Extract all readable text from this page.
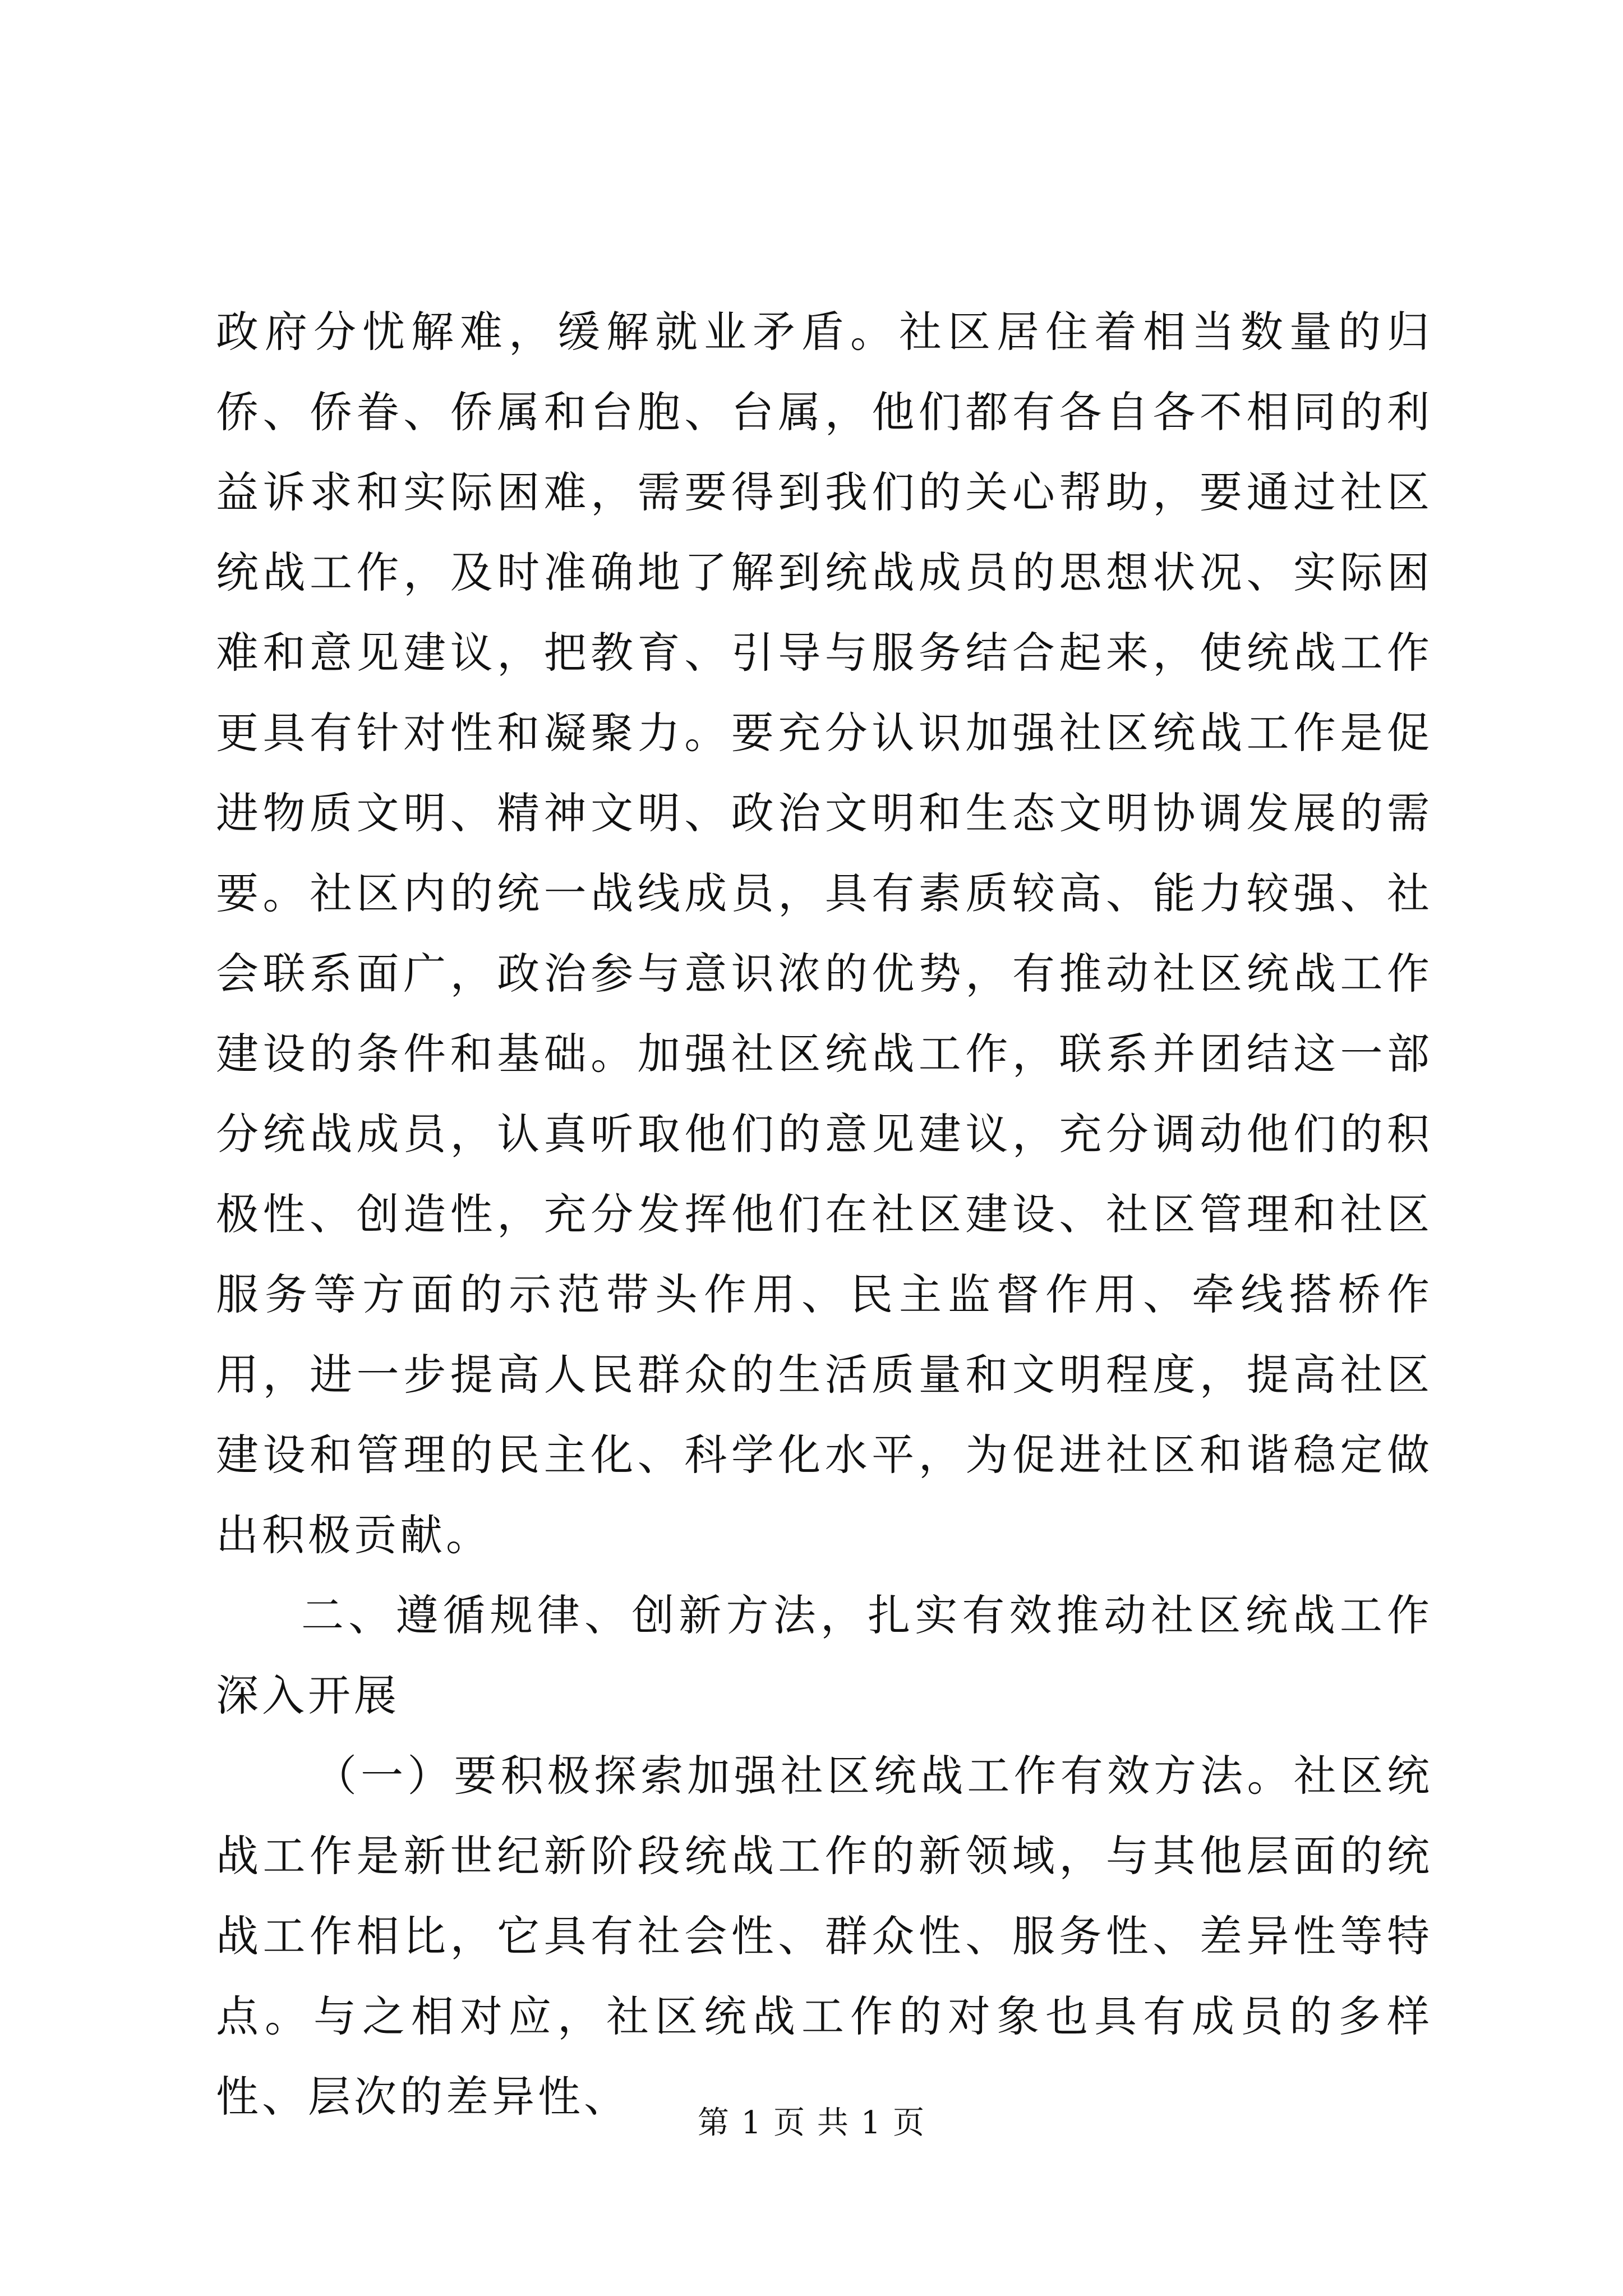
政府分忧解难，缓解就业矛盾。社区居住着相当数量的归侨、侨眷、侨属和台胞、台属，他们都有各自各不相同的利益诉求和实际困难，需要得到我们的关心帮助，要通过社区统战工作，及时准确地了解到统战成员的思想状况、实际困难和意见建议，把教育、引导与服务结合起来，使统战工作更具有针对性和凝聚力。要充分认识加强社区统战工作是促进物质文明、精神文明、政治文明和生态文明协调发展的需要。社区内的统一战线成员，具有素质较高、能力较强、社会联系面广，政治参与意识浓的优势，有推动社区统战工作建设的条件和基础。加强社区统战工作，联系并团结这一部分统战成员，认真听取他们的意见建议，充分调动他们的积极性、创造性，充分发挥他们在社区建设、社区管理和社区服务等方面的示范带头作用、民主监督作用、牵线搭桥作用，进一步提高人民群众的生活质量和文明程度，提高社区建设和管理的民主化、科学化水平，为促进社区和谐稳定做出积极贡献。

二、遵循规律、创新方法，扎实有效推动社区统战工作深入开展

（一）要积极探索加强社区统战工作有效方法。社区统战工作是新世纪新阶段统战工作的新领域，与其他层面的统战工作相比，它具有社会性、群众性、服务性、差异性等特点。与之相对应，社区统战工作的对象也具有成员的多样性、层次的差异性、

第 1 页 共 1 页
